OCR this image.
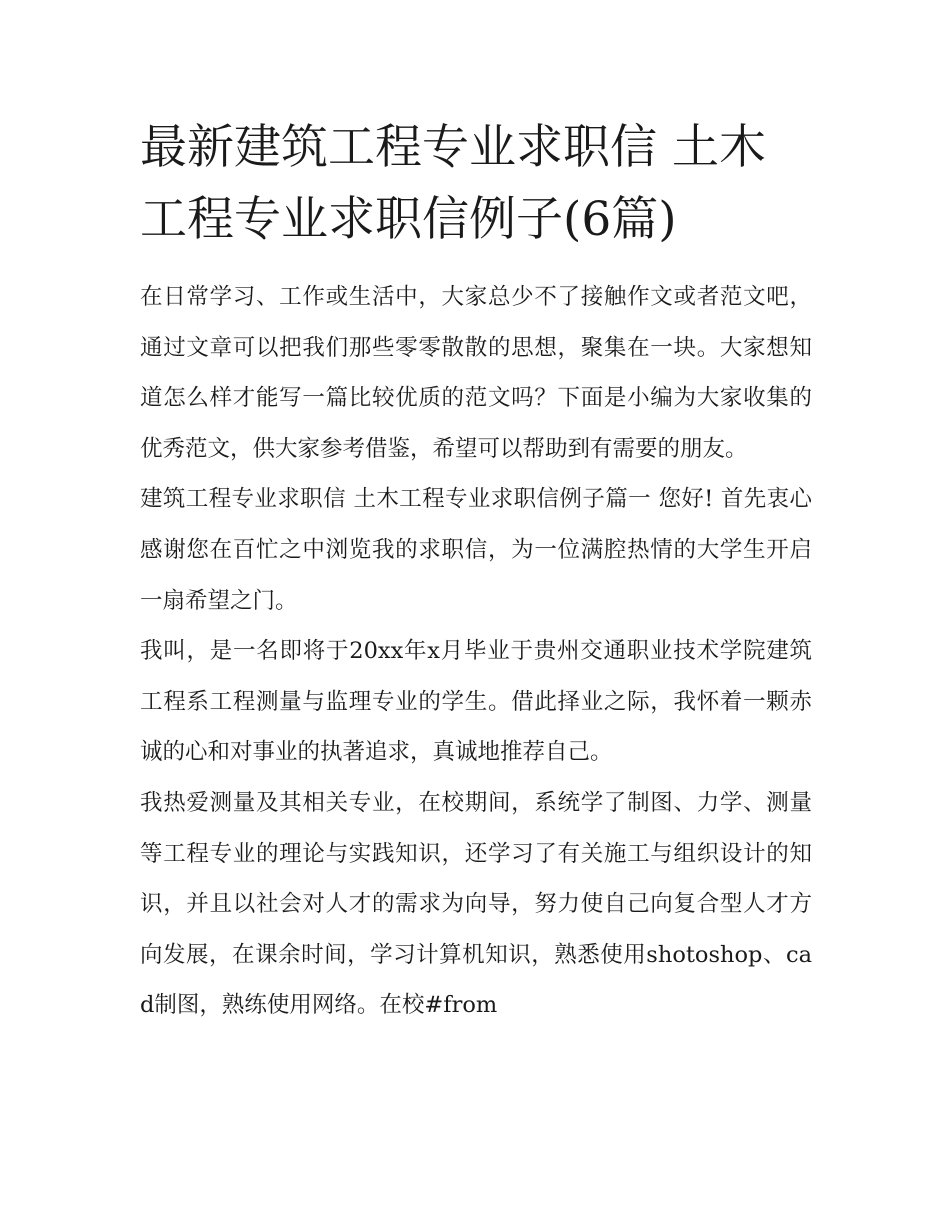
最新建筑工程专业求职信 土木工程专业求职信例子(6篇)

在日常学习、工作或生活中，大家总少不了接触作文或者范文吧，通过文章可以把我们那些零零散散的思想，聚集在一块。大家想知道怎么样才能写一篇比较优质的范文吗？下面是小编为大家收集的优秀范文，供大家参考借鉴，希望可以帮助到有需要的朋友。

建筑工程专业求职信 土木工程专业求职信例子篇一 您好! 首先衷心感谢您在百忙之中浏览我的求职信，为一位满腔热情的大学生开启一扇希望之门。

我叫，是一名即将于20xx年x月毕业于贵州交通职业技术学院建筑工程系工程测量与监理专业的学生。借此择业之际，我怀着一颗赤诚的心和对事业的执著追求，真诚地推荐自己。

我热爱测量及其相关专业，在校期间，系统学了制图、力学、测量等工程专业的理论与实践知识，还学习了有关施工与组织设计的知识，并且以社会对人才的需求为向导，努力使自己向复合型人才方向发展，在课余时间，学习计算机知识，熟悉使用shotoshop、cad制图，熟练使用网络。在校#from
